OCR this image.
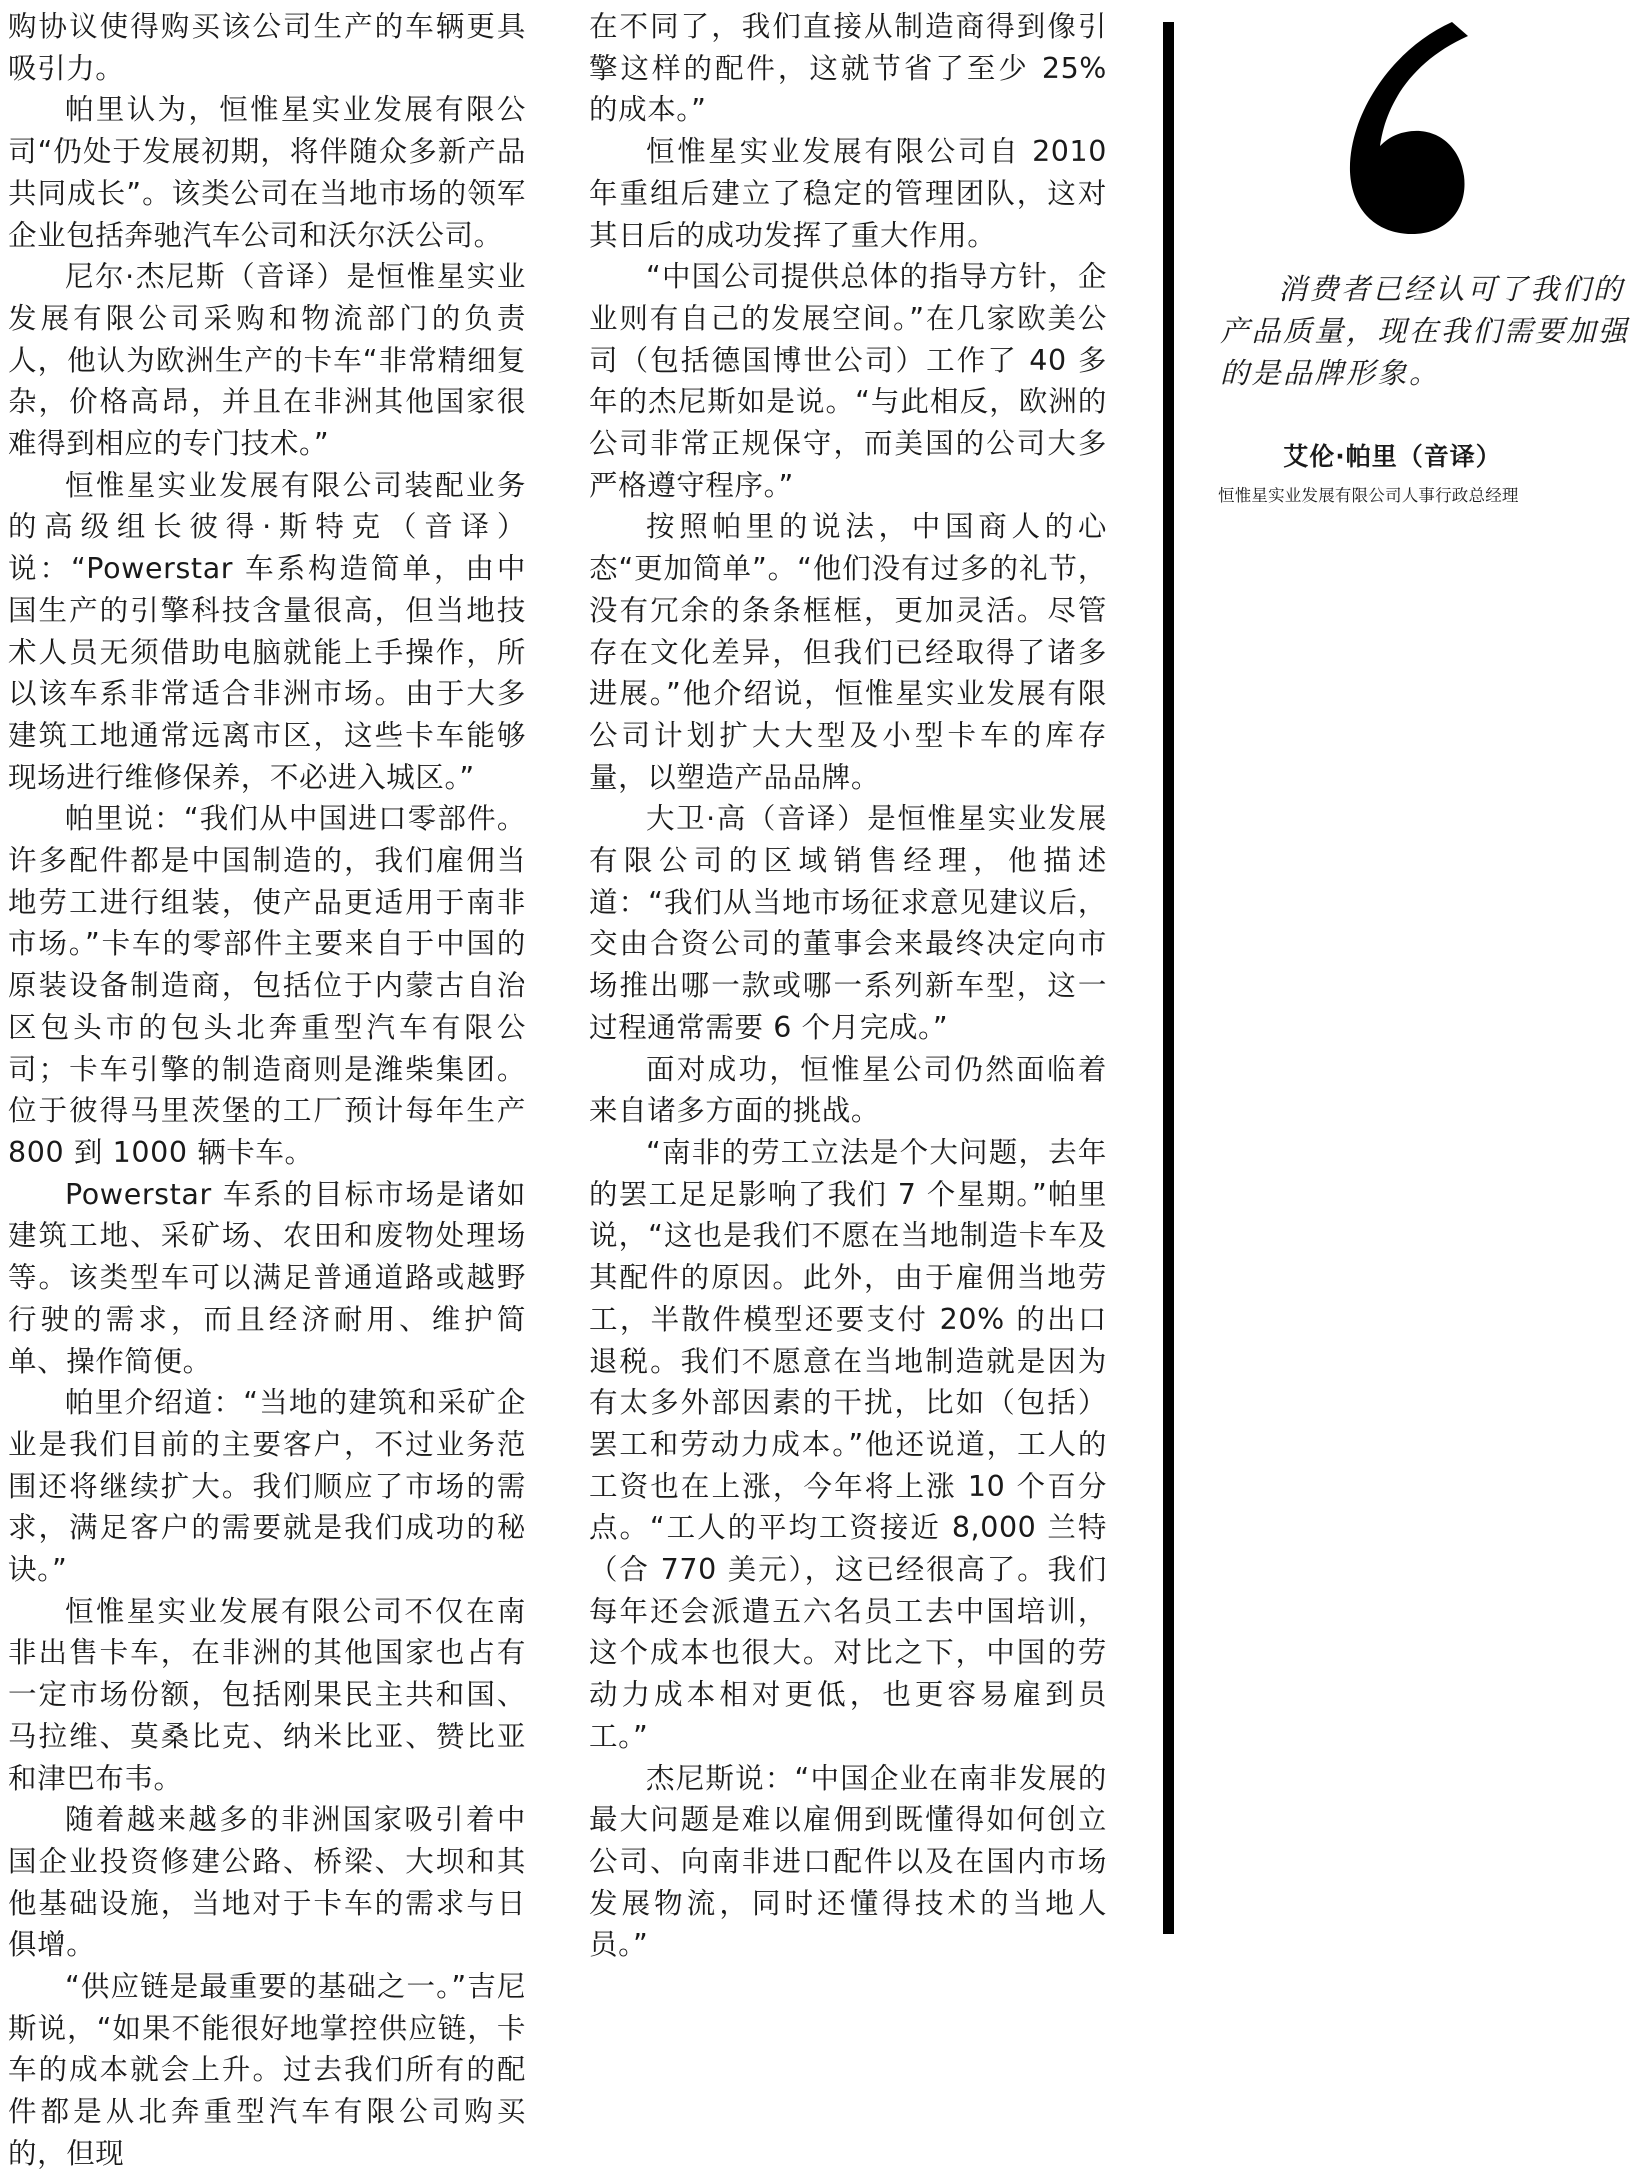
购协议使得购买该公司生产的车辆更具吸引力。

帕里认为，恒惟星实业发展有限公司“仍处于发展初期，将伴随众多新产品共同成长”。该类公司在当地市场的领军企业包括奔驰汽车公司和沃尔沃公司。

尼尔·杰尼斯（音译）是恒惟星实业发展有限公司采购和物流部门的负责人，他认为欧洲生产的卡车“非常精细复杂，价格高昂，并且在非洲其他国家很难得到相应的专门技术。”

恒惟星实业发展有限公司装配业务的高级组长彼得·斯特克（音译）说：“Powerstar 车系构造简单，由中国生产的引擎科技含量很高，但当地技术人员无须借助电脑就能上手操作，所以该车系非常适合非洲市场。由于大多建筑工地通常远离市区，这些卡车能够现场进行维修保养，不必进入城区。”

帕里说：“我们从中国进口零部件。许多配件都是中国制造的，我们雇佣当地劳工进行组装，使产品更适用于南非市场。”卡车的零部件主要来自于中国的原装设备制造商，包括位于内蒙古自治区包头市的包头北奔重型汽车有限公司；卡车引擎的制造商则是潍柴集团。位于彼得马里茨堡的工厂预计每年生产 800 到 1000 辆卡车。

Powerstar 车系的目标市场是诸如建筑工地、采矿场、农田和废物处理场等。该类型车可以满足普通道路或越野行驶的需求，而且经济耐用、维护简单、操作简便。

帕里介绍道：“当地的建筑和采矿企业是我们目前的主要客户，不过业务范围还将继续扩大。我们顺应了市场的需求，满足客户的需要就是我们成功的秘诀。”

恒惟星实业发展有限公司不仅在南非出售卡车，在非洲的其他国家也占有一定市场份额，包括刚果民主共和国、马拉维、莫桑比克、纳米比亚、赞比亚和津巴布韦。

随着越来越多的非洲国家吸引着中国企业投资修建公路、桥梁、大坝和其他基础设施，当地对于卡车的需求与日俱增。

“供应链是最重要的基础之一。”吉尼斯说，“如果不能很好地掌控供应链，卡车的成本就会上升。过去我们所有的配件都是从北奔重型汽车有限公司购买的，但现

在不同了，我们直接从制造商得到像引擎这样的配件，这就节省了至少 25% 的成本。”

恒惟星实业发展有限公司自 2010 年重组后建立了稳定的管理团队，这对其日后的成功发挥了重大作用。

“中国公司提供总体的指导方针，企业则有自己的发展空间。”在几家欧美公司（包括德国博世公司）工作了 40 多年的杰尼斯如是说。“与此相反，欧洲的公司非常正规保守，而美国的公司大多严格遵守程序。”

按照帕里的说法，中国商人的心态“更加简单”。“他们没有过多的礼节，没有冗余的条条框框，更加灵活。尽管存在文化差异，但我们已经取得了诸多进展。”他介绍说，恒惟星实业发展有限公司计划扩大大型及小型卡车的库存量，以塑造产品品牌。

大卫·高（音译）是恒惟星实业发展有限公司的区域销售经理，他描述道：“我们从当地市场征求意见建议后，交由合资公司的董事会来最终决定向市场推出哪一款或哪一系列新车型，这一过程通常需要 6 个月完成。”

面对成功，恒惟星公司仍然面临着来自诸多方面的挑战。

“南非的劳工立法是个大问题，去年的罢工足足影响了我们 7 个星期。”帕里说，“这也是我们不愿在当地制造卡车及其配件的原因。此外，由于雇佣当地劳工，半散件模型还要支付 20% 的出口退税。我们不愿意在当地制造就是因为有太多外部因素的干扰，比如（包括）罢工和劳动力成本。”他还说道，工人的工资也在上涨，今年将上涨 10 个百分点。“工人的平均工资接近 8,000 兰特（合 770 美元），这已经很高了。我们每年还会派遣五六名员工去中国培训，这个成本也很大。对比之下，中国的劳动力成本相对更低，也更容易雇到员工。”

杰尼斯说：“中国企业在南非发展的最大问题是难以雇佣到既懂得如何创立公司、向南非进口配件以及在国内市场发展物流，同时还懂得技术的当地人员。”

消费者已经认可了我们的产品质量，现在我们需要加强的是品牌形象。
艾伦·帕里（音译）
恒惟星实业发展有限公司人事行政总经理
